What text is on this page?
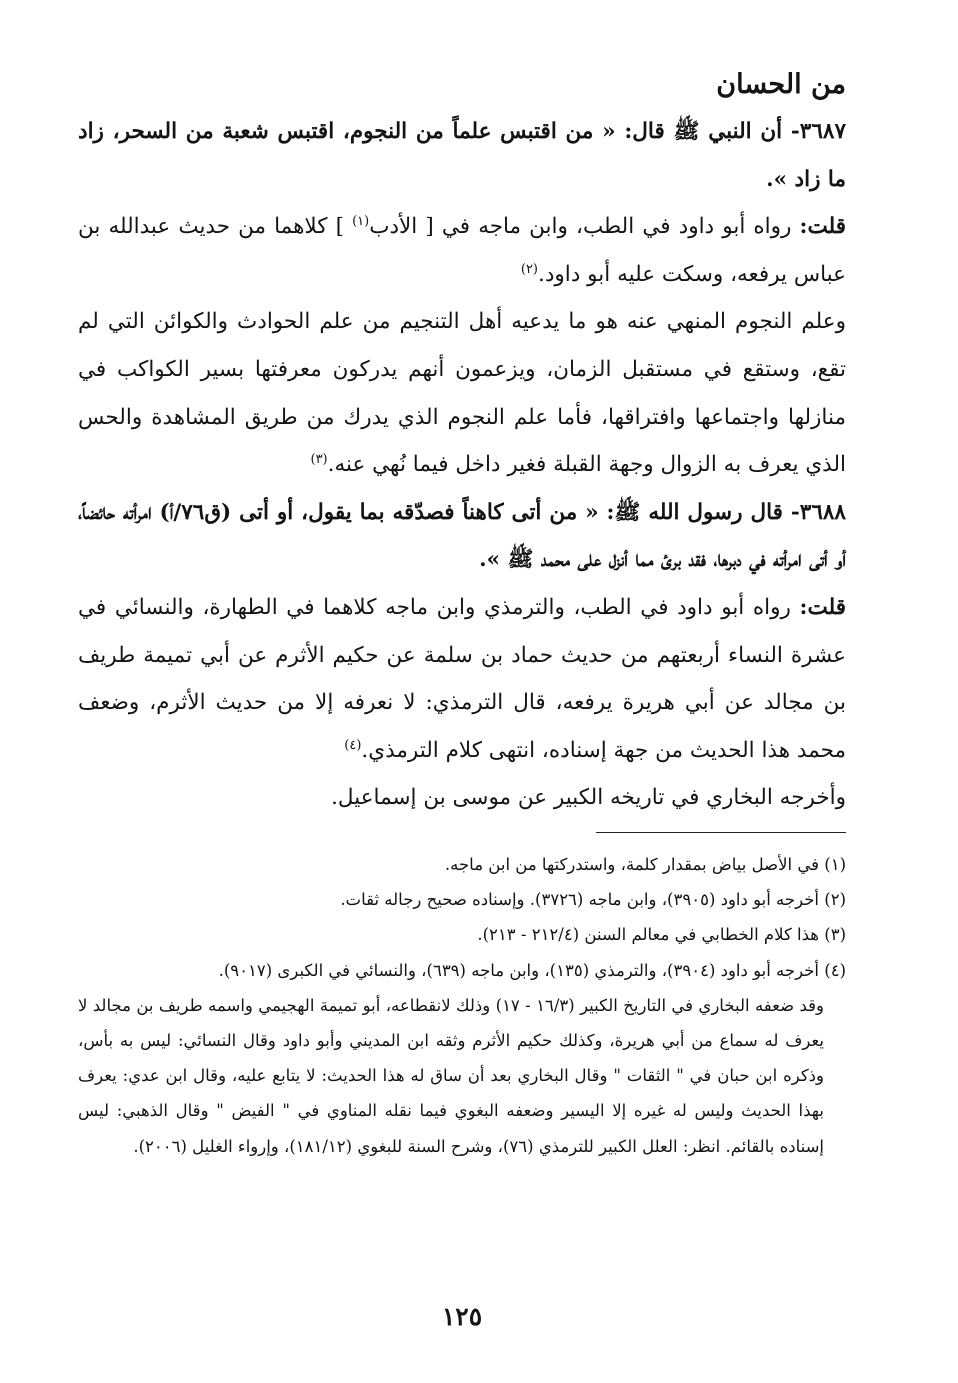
من الحسان

٣٦٨٧- أن النبي ﷺ قال: « من اقتبس علماً من النجوم، اقتبس شعبة من السحر، زاد ما زاد ».

قلت: رواه أبو داود في الطب، وابن ماجه في [ الأدب$^{(١)}$ ] كلاهما من حديث عبدالله بن عباس يرفعه، وسكت عليه أبو داود.$^{(٢)}$

وعلم النجوم المنهي عنه هو ما يدعيه أهل التنجيم من علم الحوادث والكوائن التي لم تقع، وستقع في مستقبل الزمان، ويزعمون أنهم يدركون معرفتها بسير الكواكب في منازلها واجتماعها وافتراقها، فأما علم النجوم الذي يدرك من طريق المشاهدة والحس الذي يعرف به الزوال وجهة القبلة فغير داخل فيما نُهي عنه.$^{(٣)}$

٣٦٨٨- قال رسول الله ﷺ: « من أتى كاهناً فصدّقه بما يقول، أو أتى (ق٧٦/أ) امرأته حائضاً، أو أتى امرأته في دبرها، فقد برئ مما أنزل على محمد ﷺ ».

قلت: رواه أبو داود في الطب، والترمذي وابن ماجه كلاهما في الطهارة، والنسائي في عشرة النساء أربعتهم من حديث حماد بن سلمة عن حكيم الأثرم عن أبي تميمة طريف بن مجالد عن أبي هريرة يرفعه، قال الترمذي: لا نعرفه إلا من حديث الأثرم، وضعف محمد هذا الحديث من جهة إسناده، انتهى كلام الترمذي.$^{(٤)}$

وأخرجه البخاري في تاريخه الكبير عن موسى بن إسماعيل.

(١) في الأصل بياض بمقدار كلمة، واستدركتها من ابن ماجه.

(٢) أخرجه أبو داود (٣٩٠٥)، وابن ماجه (٣٧٢٦). وإسناده صحيح رجاله ثقات.

(٣) هذا كلام الخطابي في معالم السنن (٢١٢/٤ - ٢١٣).

(٤) أخرجه أبو داود (٣٩٠٤)، والترمذي (١٣٥)، وابن ماجه (٦٣٩)، والنسائي في الكبرى (٩٠١٧).

وقد ضعفه البخاري في التاريخ الكبير (١٦/٣ - ١٧) وذلك لانقطاعه، أبو تميمة الهجيمي واسمه طريف بن مجالد لا يعرف له سماع من أبي هريرة، وكذلك حكيم الأثرم وثقه ابن المديني وأبو داود وقال النسائي: ليس به بأس، وذكره ابن حبان في " الثقات " وقال البخاري بعد أن ساق له هذا الحديث: لا يتابع عليه، وقال ابن عدي: يعرف بهذا الحديث وليس له غيره إلا اليسير وضعفه البغوي فيما نقله المناوي في " الفيض " وقال الذهبي: ليس إسناده بالقائم. انظر: العلل الكبير للترمذي (٧٦)، وشرح السنة للبغوي (١٨١/١٢)، وإرواء الغليل (٢٠٠٦).

١٢٥
